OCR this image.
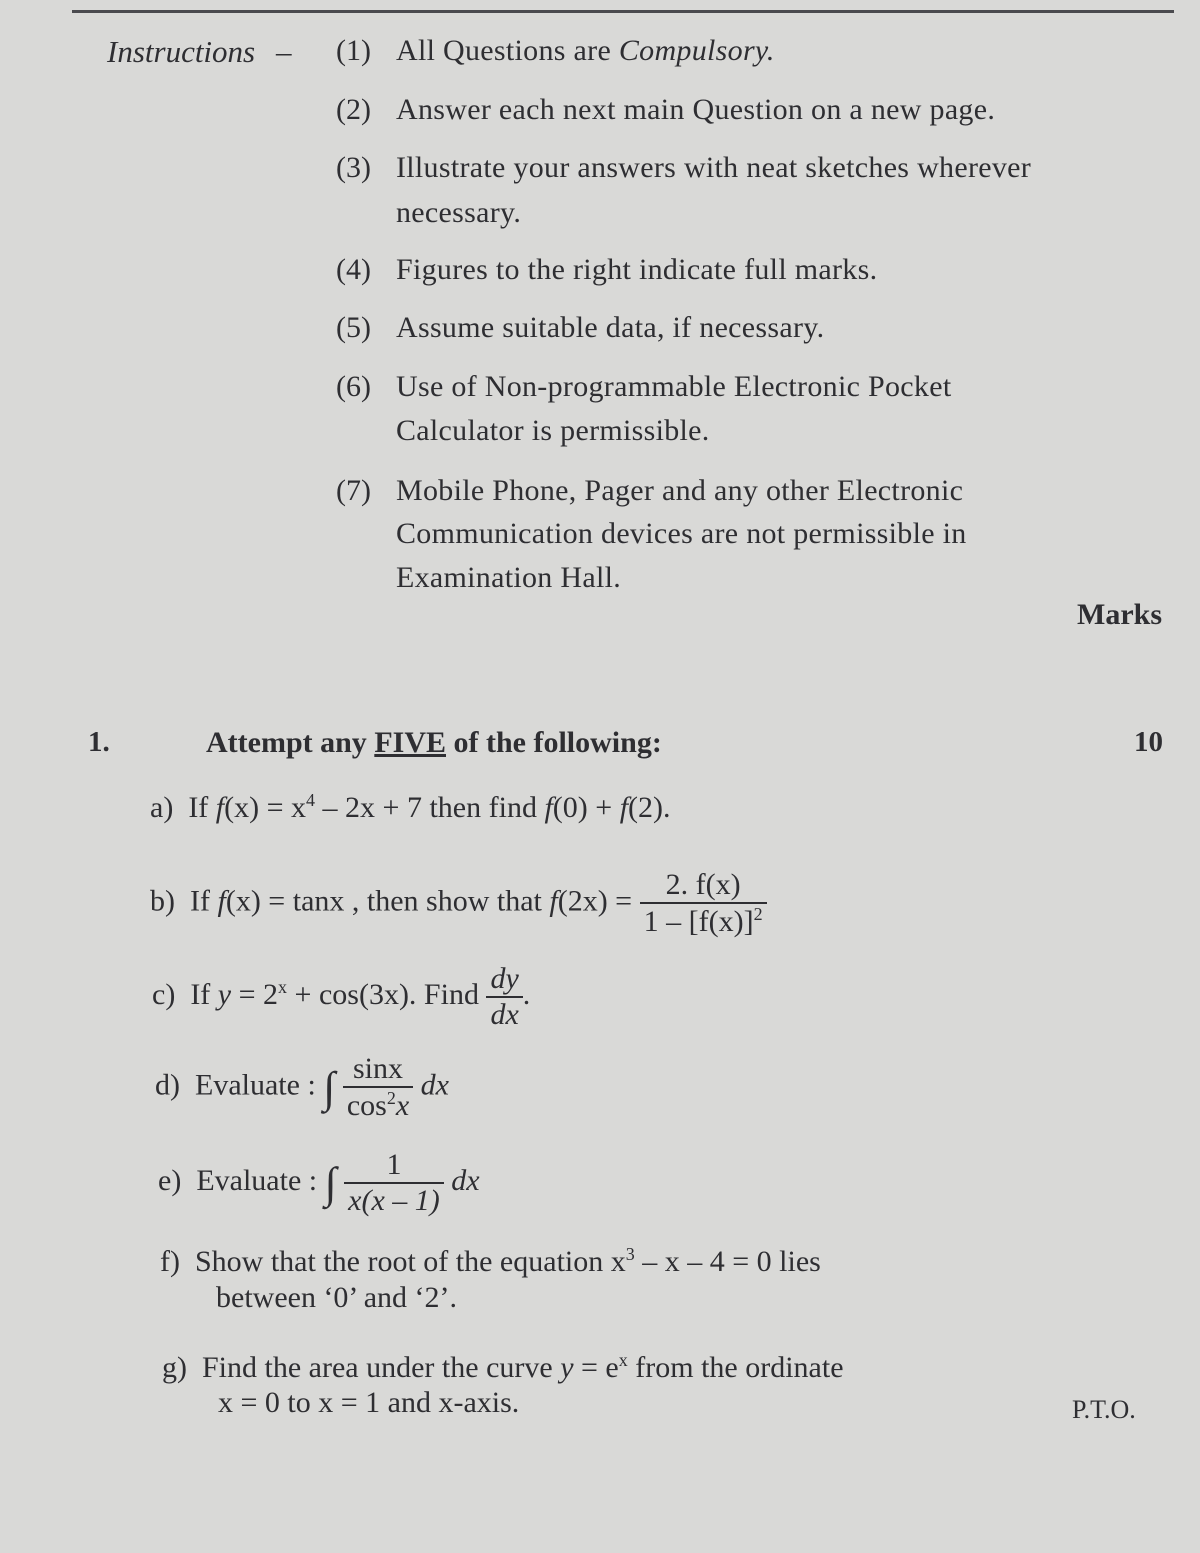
Instructions – (1) All Questions are Compulsory.
(2) Answer each next main Question on a new page.
(3) Illustrate your answers with neat sketches wherever
necessary.
(4) Figures to the right indicate full marks.
(5) Assume suitable data, if necessary.
(6) Use of Non-programmable Electronic Pocket
Calculator is permissible.
(7) Mobile Phone, Pager and any other Electronic
Communication devices are not permissible in
Examination Hall.
Marks
1.	Attempt any FIVE of the following:	10
a) If $f(x) = x^4 - 2x + 7$ then find f(0) + f(2).
b) If f(x) = tanx , then show that $f(2x) = \frac{2. f(x)}{1 - [f(x)]^2}$
c) If $y = 2^x + \cos(3x)$. Find $\frac{dy}{dx}$ .
d) Evaluate : ∫ $\frac{\sin x}{\cos^2x}$ dx
e) Evaluate : ∫ $\frac{1}{x(x - 1)}$ dx
f) Show that the root of the equation $x^3 - x - 4 = 0$ lies
between ‘0’ and ‘2’.
g) Find the area under the curve $y = e^x$ from the ordinate
x = 0 to x = 1 and x-axis.	P.T.O.
